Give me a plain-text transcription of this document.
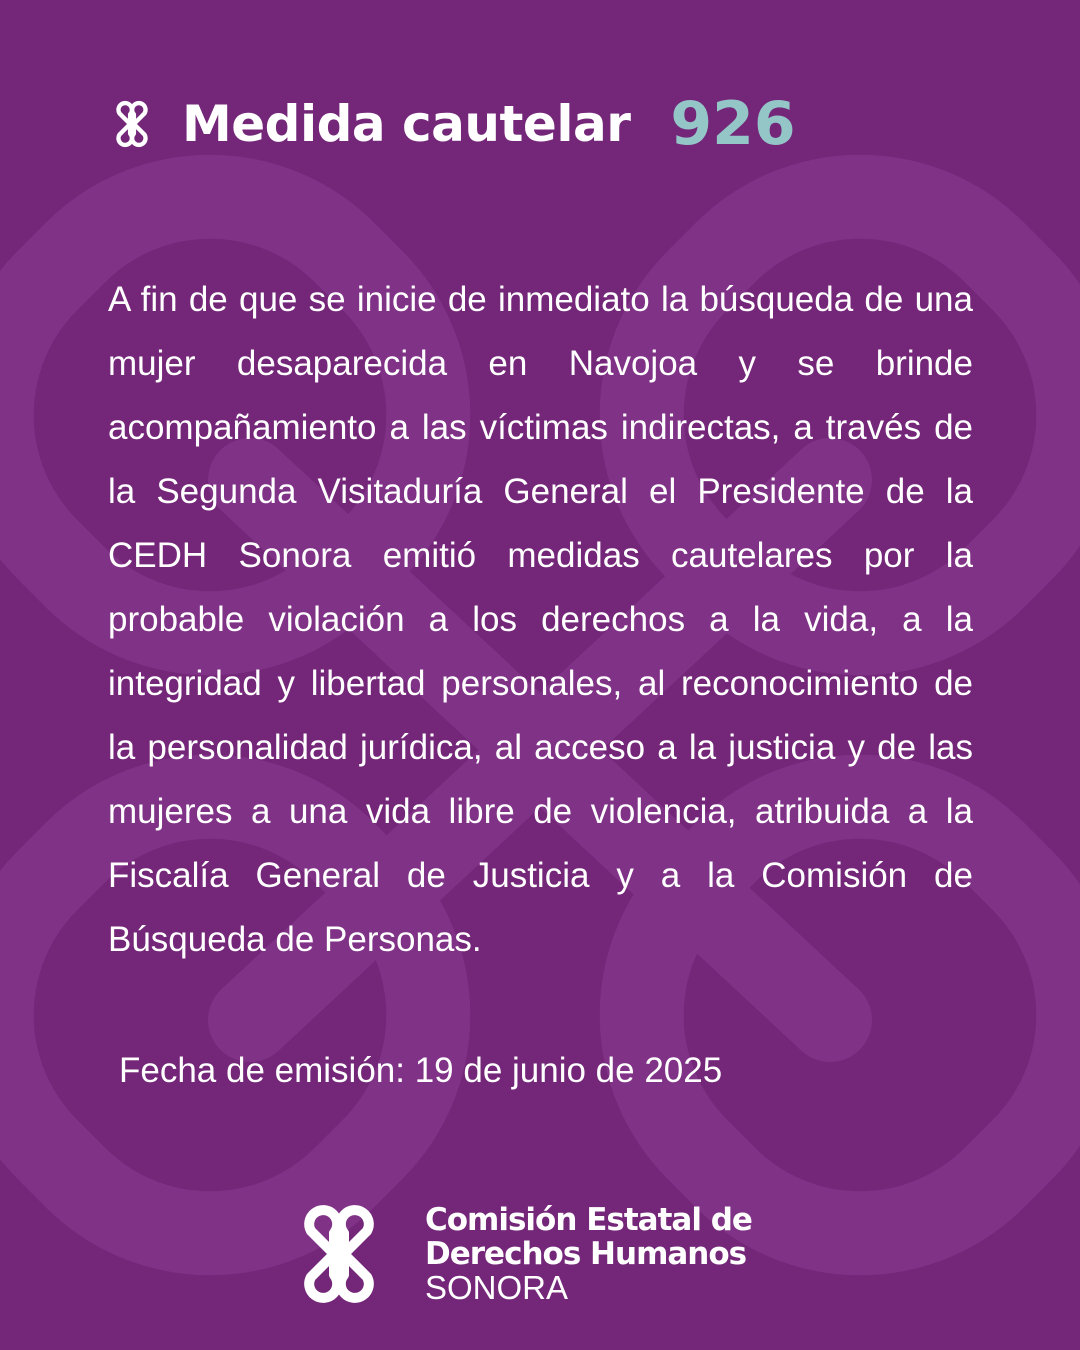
Medida cautelar 926

A fin de que se inicie de inmediato la búsqueda de una mujer desaparecida en Navojoa y se brinde acompañamiento a las víctimas indirectas, a través de la Segunda Visitaduría General el Presidente de la CEDH Sonora emitió medidas cautelares por la probable violación a los derechos a la vida, a la integridad y libertad personales, al reconocimiento de la personalidad jurídica, al acceso a la justicia y de las mujeres a una vida libre de violencia, atribuida a la Fiscalía General de Justicia y a la Comisión de Búsqueda de Personas.

Fecha de emisión: 19 de junio de 2025
Comisión Estatal de
Derechos Humanos
SONORA
